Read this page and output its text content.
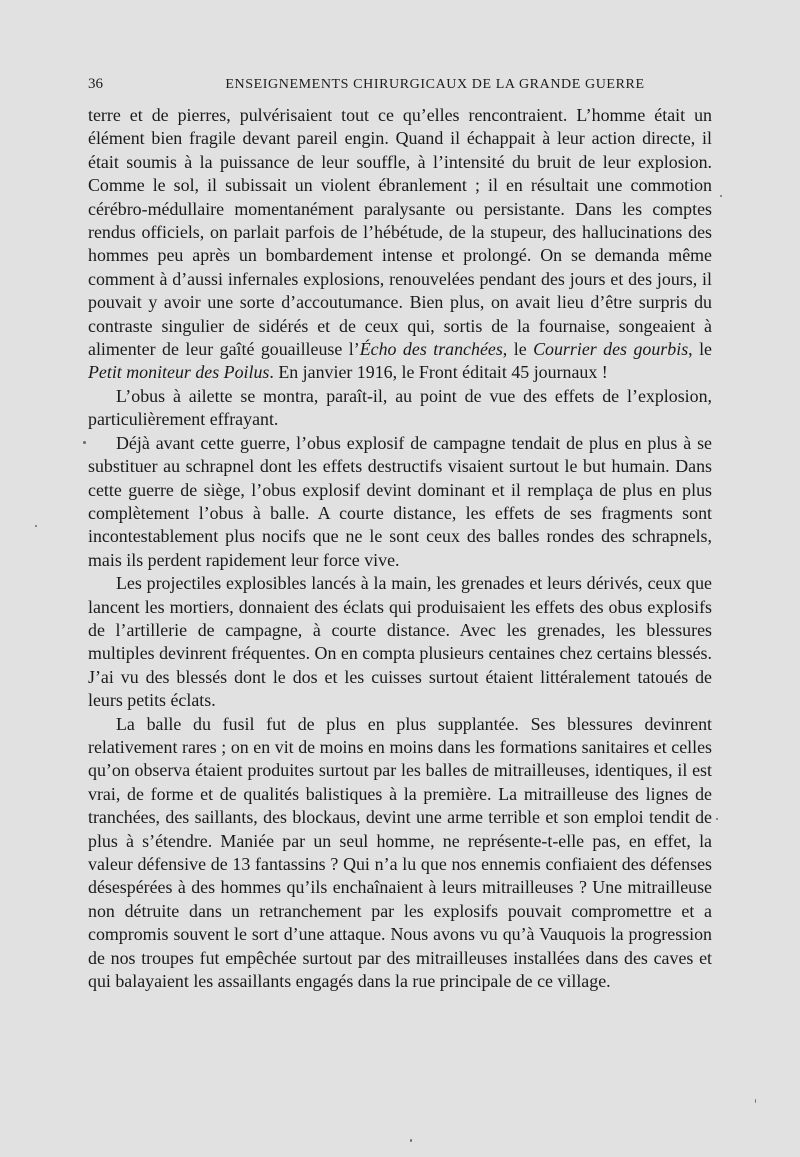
36	ENSEIGNEMENTS CHIRURGICAUX DE LA GRANDE GUERRE

terre et de pierres, pulvérisaient tout ce qu’elles rencontraient. L’homme était un élément bien fragile devant pareil engin. Quand il échappait à leur action directe, il était soumis à la puissance de leur souffle, à l’intensité du bruit de leur explosion. Comme le sol, il subissait un violent ébranlement ; il en résultait une commotion cérébro-médullaire momentanément paralysante ou persistante. Dans les comptes rendus officiels, on parlait parfois de l’hébétude, de la stupeur, des hallucinations des hommes peu après un bombardement intense et prolongé. On se demanda même comment à d’aussi infernales explosions, renouvelées pendant des jours et des jours, il pouvait y avoir une sorte d’accoutumance. Bien plus, on avait lieu d’être surpris du contraste singulier de sidérés et de ceux qui, sortis de la fournaise, songeaient à alimenter de leur gaîté gouailleuse l’Écho des tranchées, le Courrier des gourbis, le Petit moniteur des Poilus. En janvier 1916, le Front éditait 45 journaux !

L’obus à ailette se montra, paraît-il, au point de vue des effets de l’explosion, particulièrement effrayant.

Déjà avant cette guerre, l’obus explosif de campagne tendait de plus en plus à se substituer au schrapnel dont les effets destructifs visaient surtout le but humain. Dans cette guerre de siège, l’obus explosif devint dominant et il remplaça de plus en plus complètement l’obus à balle. A courte distance, les effets de ses fragments sont incontestablement plus nocifs que ne le sont ceux des balles rondes des schrapnels, mais ils perdent rapidement leur force vive.

Les projectiles explosibles lancés à la main, les grenades et leurs dérivés, ceux que lancent les mortiers, donnaient des éclats qui produisaient les effets des obus explosifs de l’artillerie de campagne, à courte distance. Avec les grenades, les blessures multiples devinrent fréquentes. On en compta plusieurs centaines chez certains blessés. J’ai vu des blessés dont le dos et les cuisses surtout étaient littéralement tatoués de leurs petits éclats.

La balle du fusil fut de plus en plus supplantée. Ses blessures devinrent relativement rares ; on en vit de moins en moins dans les formations sanitaires et celles qu’on observa étaient produites surtout par les balles de mitrailleuses, identiques, il est vrai, de forme et de qualités balistiques à la première. La mitrailleuse des lignes de tranchées, des saillants, des blockaus, devint une arme terrible et son emploi tendit de plus à s’étendre. Maniée par un seul homme, ne représente-t-elle pas, en effet, la valeur défensive de 13 fantassins ? Qui n’a lu que nos ennemis confiaient des défenses désespérées à des hommes qu’ils enchaînaient à leurs mitrailleuses ? Une mitrailleuse non détruite dans un retranchement par les explosifs pouvait compromettre et a compromis souvent le sort d’une attaque. Nous avons vu qu’à Vauquois la progression de nos troupes fut empêchée surtout par des mitrailleuses installées dans des caves et qui balayaient les assaillants engagés dans la rue principale de ce village.
